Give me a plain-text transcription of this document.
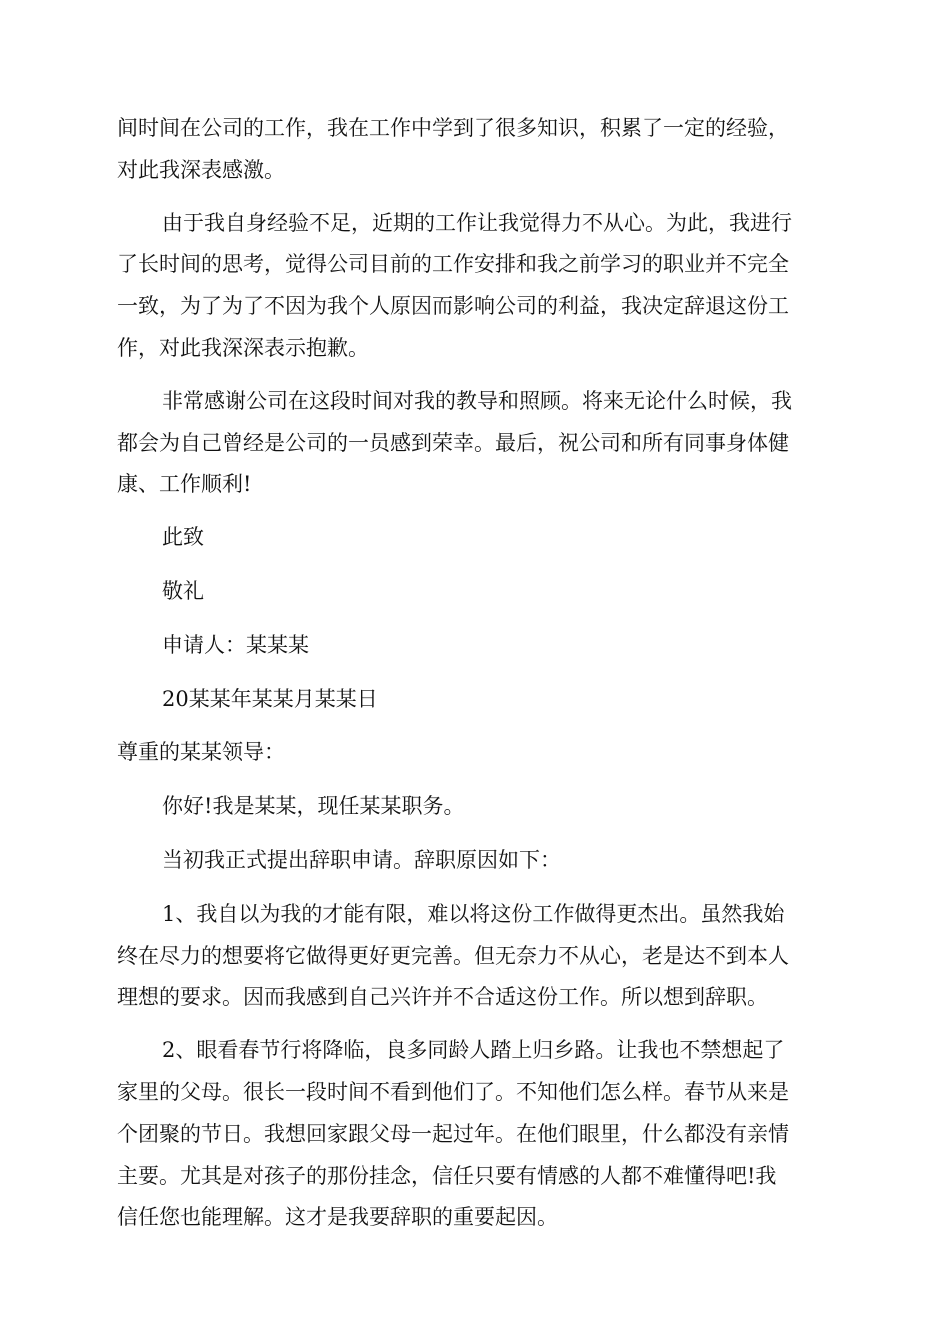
间时间在公司的工作，我在工作中学到了很多知识，积累了一定的经验，
对此我深表感激。
由于我自身经验不足，近期的工作让我觉得力不从心。为此，我进行
了长时间的思考，觉得公司目前的工作安排和我之前学习的职业并不完全
一致，为了为了不因为我个人原因而影响公司的利益，我决定辞退这份工
作，对此我深深表示抱歉。
非常感谢公司在这段时间对我的教导和照顾。将来无论什么时候，我
都会为自己曾经是公司的一员感到荣幸。最后，祝公司和所有同事身体健
康、工作顺利!
此致
敬礼
申请人：某某某
20某某年某某月某某日
尊重的某某领导：
你好!我是某某，现任某某职务。
当初我正式提出辞职申请。辞职原因如下：
1、我自以为我的才能有限，难以将这份工作做得更杰出。虽然我始
终在尽力的想要将它做得更好更完善。但无奈力不从心，老是达不到本人
理想的要求。因而我感到自己兴许并不合适这份工作。所以想到辞职。
2、眼看春节行将降临，良多同龄人踏上归乡路。让我也不禁想起了
家里的父母。很长一段时间不看到他们了。不知他们怎么样。春节从来是
个团聚的节日。我想回家跟父母一起过年。在他们眼里，什么都没有亲情
主要。尤其是对孩子的那份挂念，信任只要有情感的人都不难懂得吧!我
信任您也能理解。这才是我要辞职的重要起因。
